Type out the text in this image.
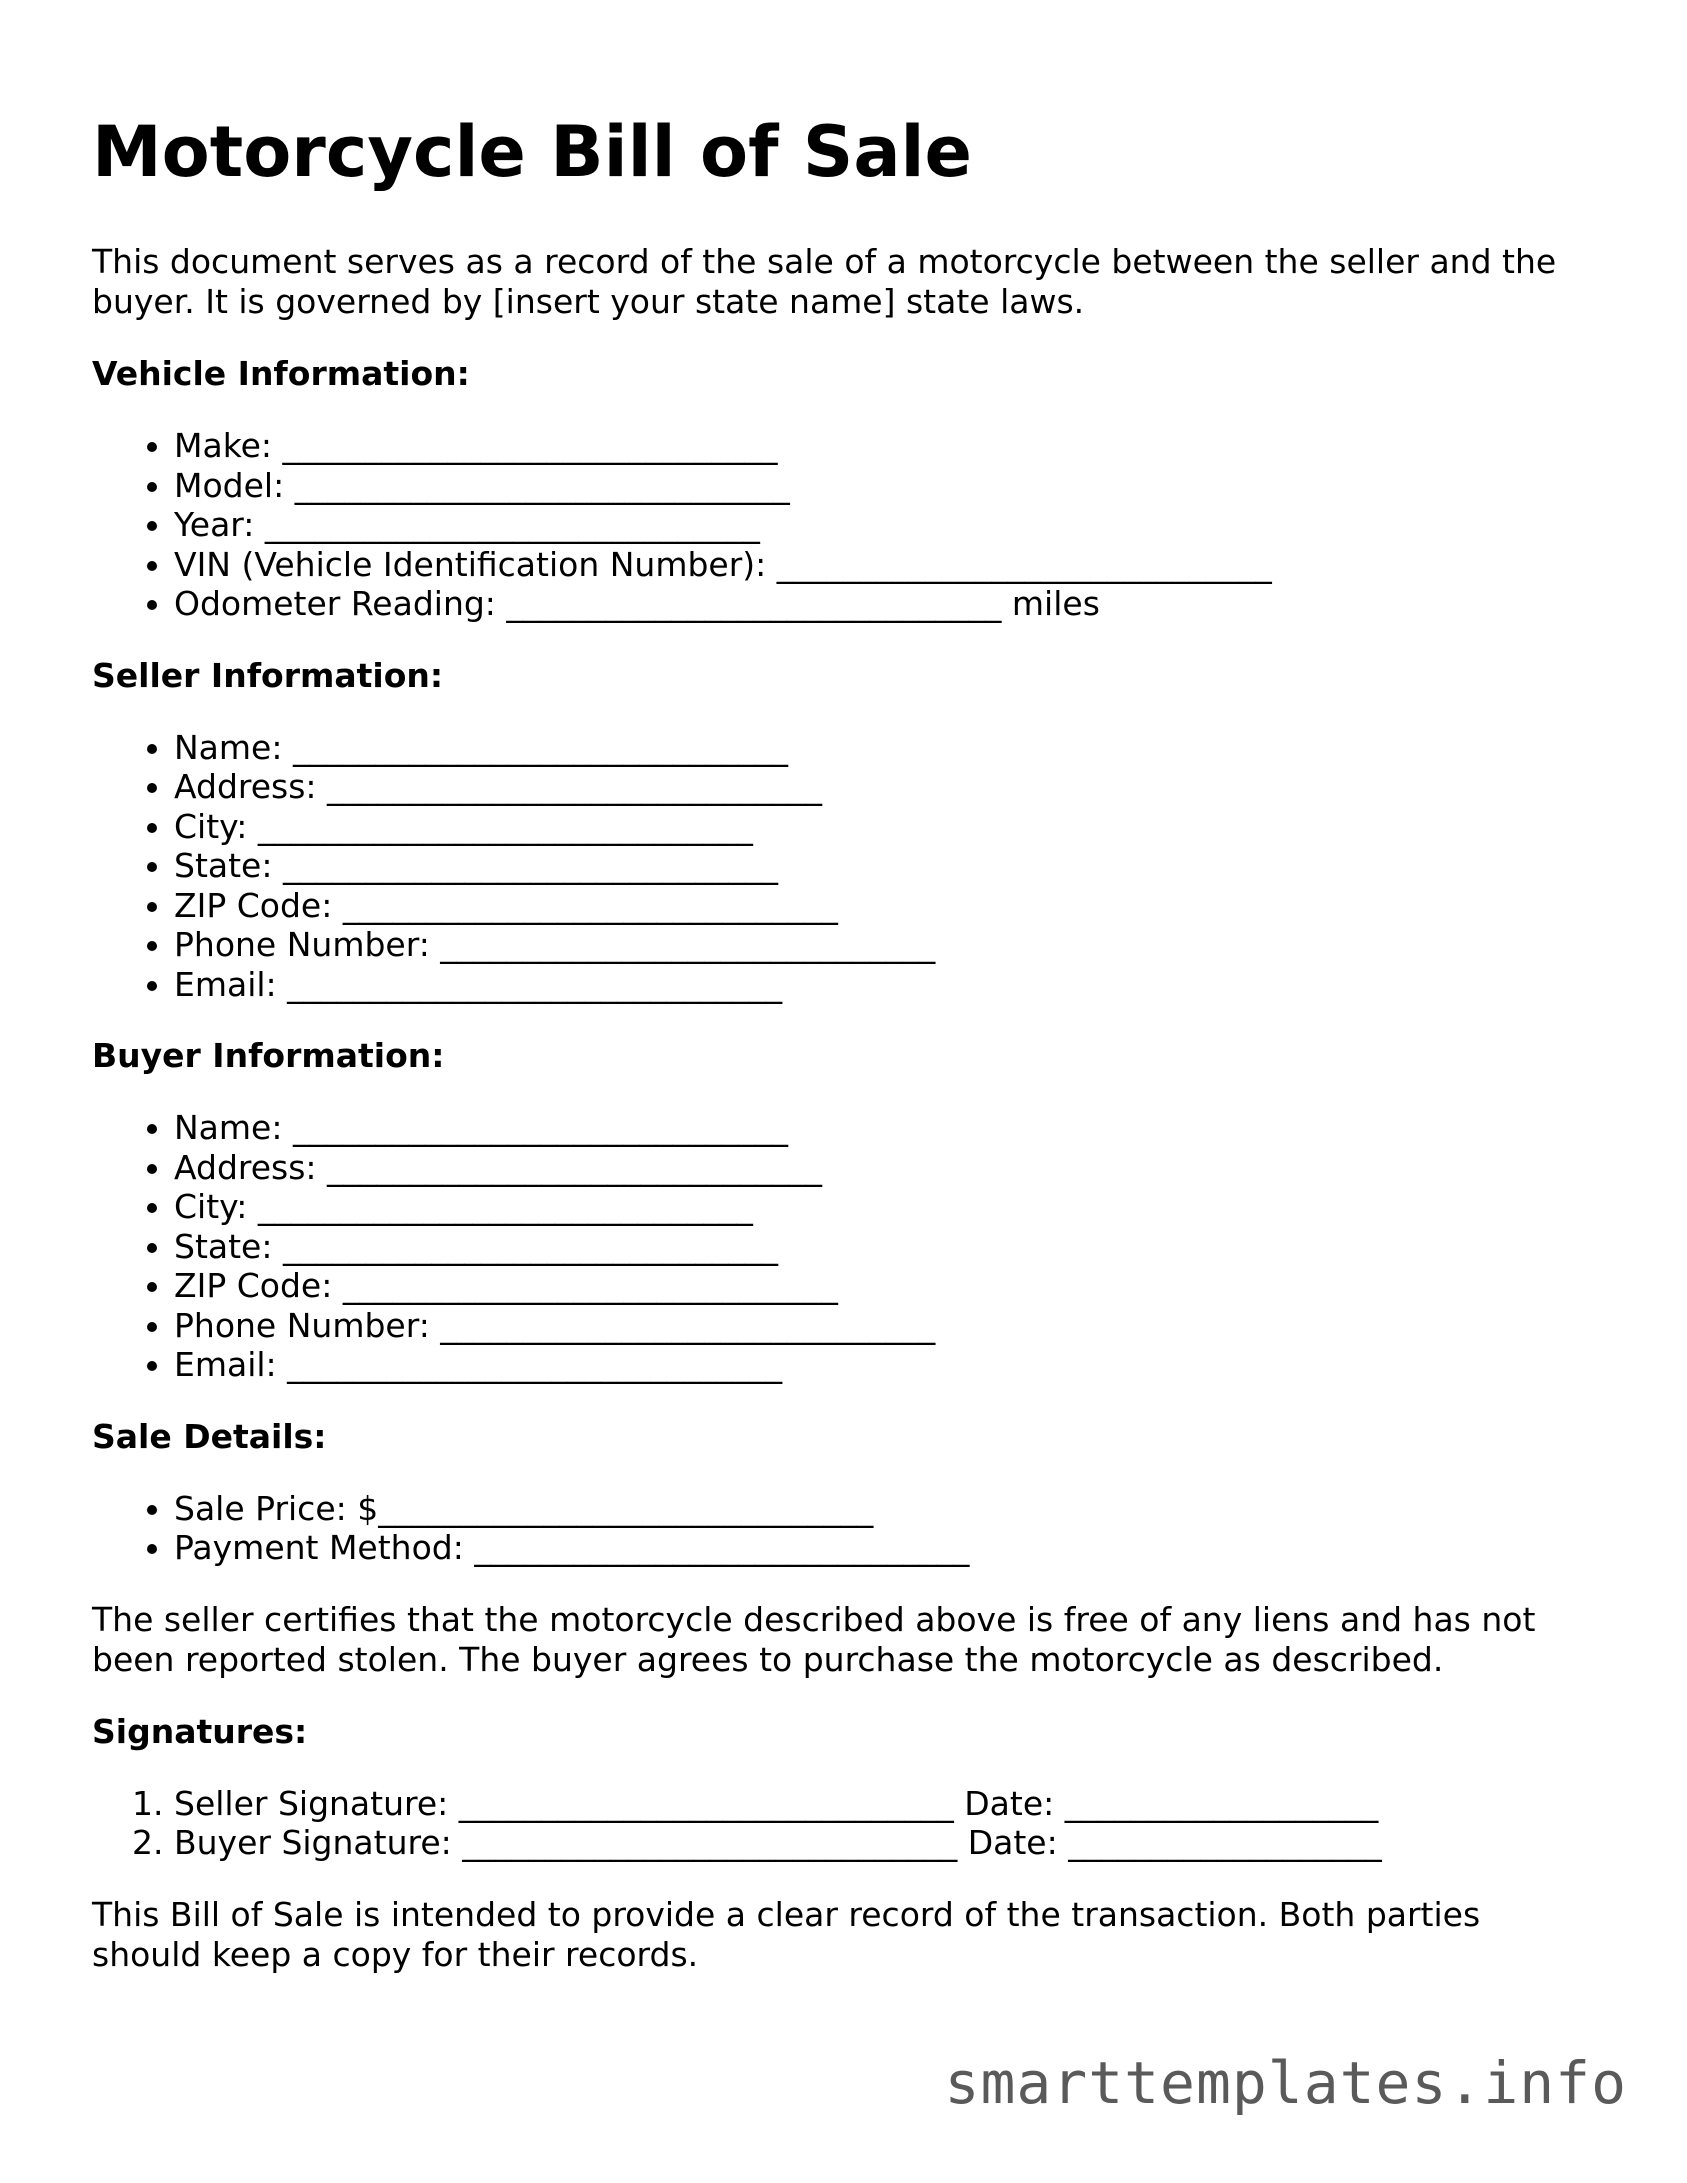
Motorcycle Bill of Sale

This document serves as a record of the sale of a motorcycle between the seller and the buyer. It is governed by [insert your state name] state laws.

Vehicle Information:
• Make: ______________________________
• Model: ______________________________
• Year: ______________________________
• VIN (Vehicle Identification Number): ______________________________
• Odometer Reading: ______________________________ miles
Seller Information:
• Name: ______________________________
• Address: ______________________________
• City: ______________________________
• State: ______________________________
• ZIP Code: ______________________________
• Phone Number: ______________________________
• Email: ______________________________
Buyer Information:
• Name: ______________________________
• Address: ______________________________
• City: ______________________________
• State: ______________________________
• ZIP Code: ______________________________
• Phone Number: ______________________________
• Email: ______________________________
Sale Details:
• Sale Price: $______________________________
• Payment Method: ______________________________

The seller certifies that the motorcycle described above is free of any liens and has not been reported stolen. The buyer agrees to purchase the motorcycle as described.

Signatures:
1. Seller Signature: ______________________________ Date: ___________________
2. Buyer Signature: ______________________________ Date: ___________________

This Bill of Sale is intended to provide a clear record of the transaction. Both parties should keep a copy for their records.

smarttemplates.info
